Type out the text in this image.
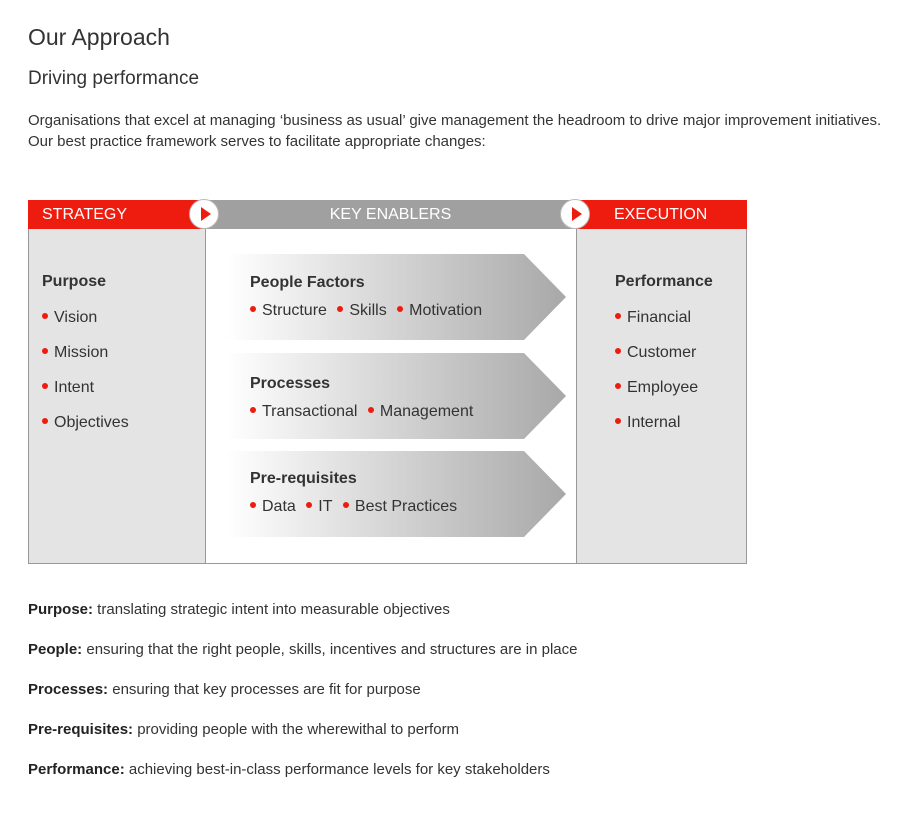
Our Approach
Driving performance

Organisations that excel at managing ‘business as usual’ give management the headroom to drive major improvement initiatives. Our best practice framework serves to facilitate appropriate changes:

STRATEGY	KEY ENABLERS	EXECUTION
Purpose
Vision
Mission
Intent
Objectives
People Factors
Structure Skills Motivation
Processes
Transactional Management
Pre-requisites
Data IT Best Practices
Performance
Financial
Customer
Employee
Internal
Purpose: translating strategic intent into measurable objectives
People: ensuring that the right people, skills, incentives and structures are in place
Processes: ensuring that key processes are fit for purpose
Pre-requisites: providing people with the wherewithal to perform
Performance: achieving best-in-class performance levels for key stakeholders
